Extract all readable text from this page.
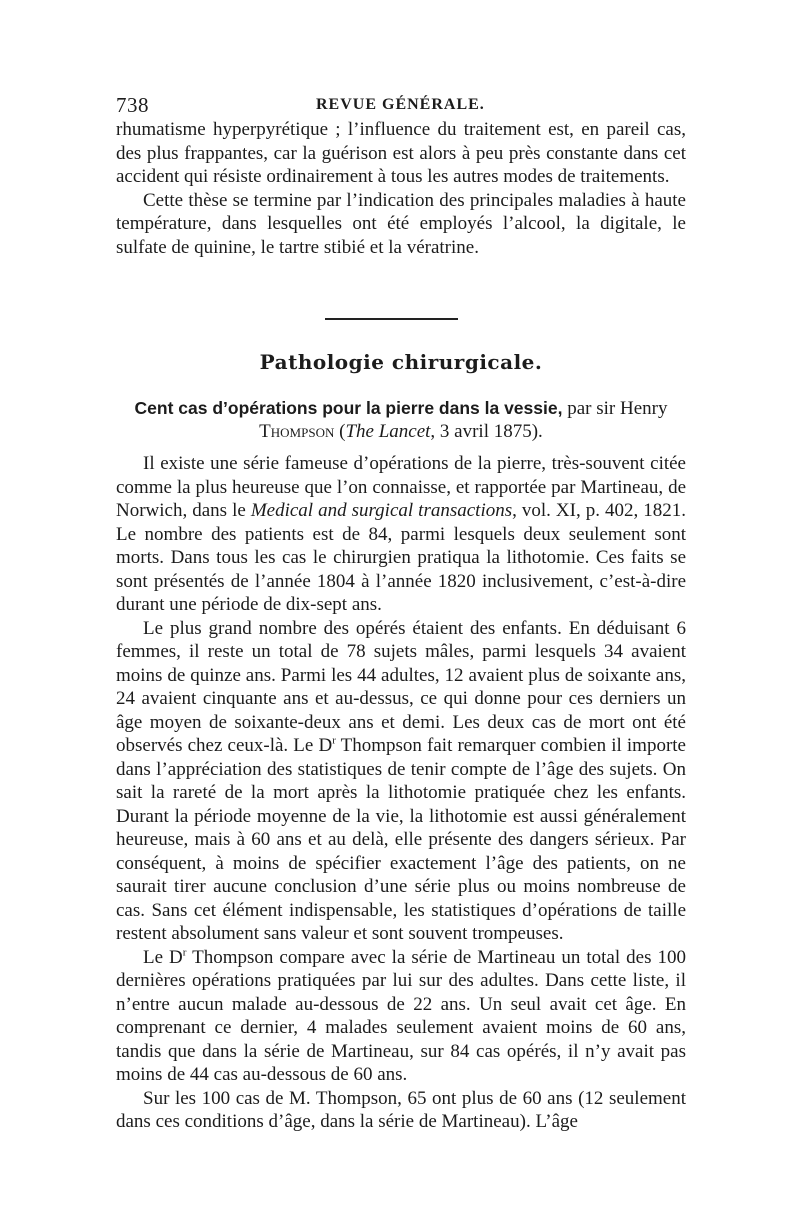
738	REVUE GÉNÉRALE.

rhumatisme hyperpyrétique ; l’influence du traitement est, en pareil cas, des plus frappantes, car la guérison est alors à peu près constante dans cet accident qui résiste ordinairement à tous les autres modes de traitements.

Cette thèse se termine par l’indication des principales maladies à haute température, dans lesquelles ont été employés l’alcool, la digitale, le sulfate de quinine, le tartre stibié et la vératrine.

Pathologie chirurgicale.
Cent cas d’opérations pour la pierre dans la vessie, par sir Henry
Thompson (The Lancet, 3 avril 1875).

Il existe une série fameuse d’opérations de la pierre, très-souvent citée comme la plus heureuse que l’on connaisse, et rapportée par Martineau, de Norwich, dans le Medical and surgical transactions, vol. XI, p. 402, 1821. Le nombre des patients est de 84, parmi lesquels deux seulement sont morts. Dans tous les cas le chirurgien pratiqua la lithotomie. Ces faits se sont présentés de l’année 1804 à l’année 1820 inclusivement, c’est-à-dire durant une période de dix-sept ans.

Le plus grand nombre des opérés étaient des enfants. En déduisant 6 femmes, il reste un total de 78 sujets mâles, parmi lesquels 34 avaient moins de quinze ans. Parmi les 44 adultes, 12 avaient plus de soixante ans, 24 avaient cinquante ans et au-dessus, ce qui donne pour ces derniers un âge moyen de soixante-deux ans et demi. Les deux cas de mort ont été observés chez ceux-là. Le $D^r$ Thompson fait remarquer combien il importe dans l’appréciation des statistiques de tenir compte de l’âge des sujets. On sait la rareté de la mort après la lithotomie pratiquée chez les enfants. Durant la période moyenne de la vie, la lithotomie est aussi généralement heureuse, mais à 60 ans et au delà, elle présente des dangers sérieux. Par conséquent, à moins de spécifier exactement l’âge des patients, on ne saurait tirer aucune conclusion d’une série plus ou moins nombreuse de cas. Sans cet élément indispensable, les statistiques d’opérations de taille restent absolument sans valeur et sont souvent trompeuses.

Le $D^r$ Thompson compare avec la série de Martineau un total des 100 dernières opérations pratiquées par lui sur des adultes. Dans cette liste, il n’entre aucun malade au-dessous de 22 ans. Un seul avait cet âge. En comprenant ce dernier, 4 malades seulement avaient moins de 60 ans, tandis que dans la série de Martineau, sur 84 cas opérés, il n’y avait pas moins de 44 cas au-dessous de 60 ans.

Sur les 100 cas de M. Thompson, 65 ont plus de 60 ans (12 seulement dans ces conditions d’âge, dans la série de Martineau). L’âge
